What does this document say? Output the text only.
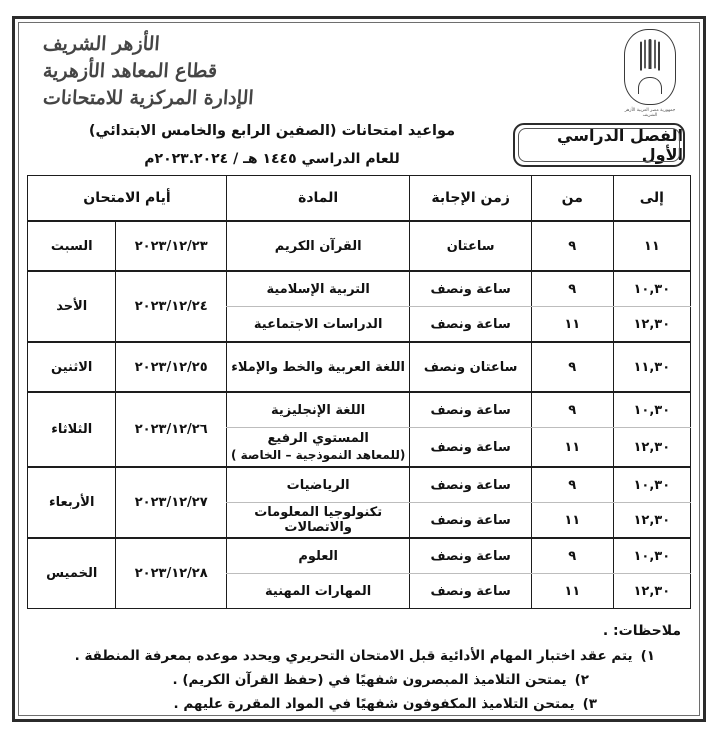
جمهورية مصر العربية الأزهر الشريف
الأزهر الشريف
قطاع المعاهد الأزهرية
الإدارة المركزية للامتحانات
الفصل الدراسي الأول
مواعيد امتحانات (الصفين الرابع والخامس الابتدائي)
للعام الدراسي ١٤٤٥ هـ / ٢٠٢٣.٢٠٢٤م
إلى	من	زمن الإجابة	المادة	أيام الامتحان	
١١	٩	ساعتان	القرآن الكريم	٢٠٢٣/١٢/٢٣	السبت
١٠,٣٠	٩	ساعة ونصف	التربية الإسلامية	٢٠٢٣/١٢/٢٤	الأحد
١٢,٣٠	١١	ساعة ونصف	الدراسات الاجتماعية		
١١,٣٠	٩	ساعتان ونصف	اللغة العربية والخط والإملاء	٢٠٢٣/١٢/٢٥	الاثنين
١٠,٣٠	٩	ساعة ونصف	اللغة الإنجليزية	٢٠٢٣/١٢/٢٦	الثلاثاء
١٢,٣٠	١١	ساعة ونصف	المستوي الرفيع
(للمعاهد النموذجية – الخاصة )		

١٠,٣٠	٩	ساعة ونصف	الرياضيات	٢٠٢٣/١٢/٢٧	الأربعاء
١٢,٣٠	١١	ساعة ونصف	تكنولوجيا المعلومات والاتصالات		
١٠,٣٠	٩	ساعة ونصف	العلوم	٢٠٢٣/١٢/٢٨	الخميس
١٢,٣٠	١١	ساعة ونصف	المهارات المهنية		
ملاحظات: .
١)
يتم عقد اختبار المهام الأدائية قبل الامتحان التحريري ويحدد موعده بمعرفة المنطقة .
٢)
يمتحن التلاميذ المبصرون شفهيًا في (حفظ القرآن الكريم) .
٣)
يمتحن التلاميذ المكفوفون شفهيًا في المواد المقررة عليهم .
